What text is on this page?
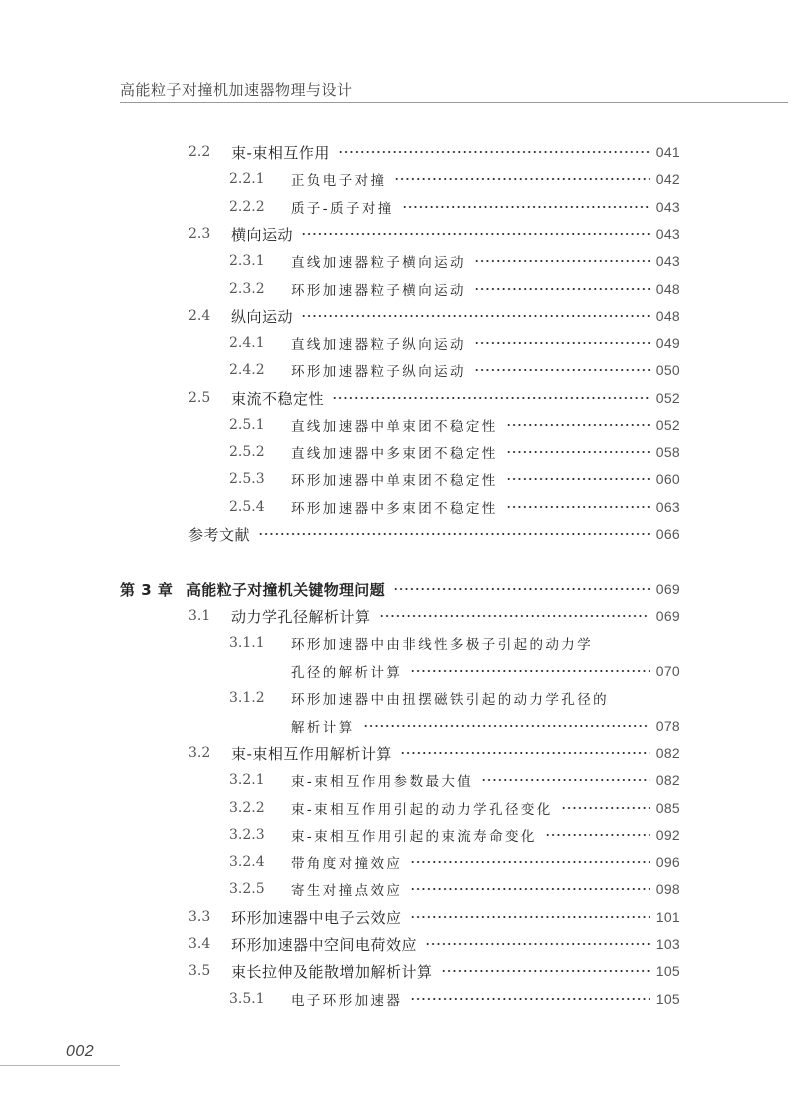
高能粒子对撞机加速器物理与设计
2.2	束-束相互作用	041
2.2.1	正负电子对撞	042
2.2.2	质子-质子对撞	043
2.3	横向运动	043
2.3.1	直线加速器粒子横向运动	043
2.3.2	环形加速器粒子横向运动	048
2.4	纵向运动	048
2.4.1	直线加速器粒子纵向运动	049
2.4.2	环形加速器粒子纵向运动	050
2.5	束流不稳定性	052
2.5.1	直线加速器中单束团不稳定性	052
2.5.2	直线加速器中多束团不稳定性	058
2.5.3	环形加速器中单束团不稳定性	060
2.5.4	环形加速器中多束团不稳定性	063
参考文献	066
第 3 章 高能粒子对撞机关键物理问题	069
3.1	动力学孔径解析计算	069
3.1.1	环形加速器中由非线性多极子引起的动力学
孔径的解析计算	070
3.1.2	环形加速器中由扭摆磁铁引起的动力学孔径的
解析计算	078
3.2	束-束相互作用解析计算	082
3.2.1	束-束相互作用参数最大值	082
3.2.2	束-束相互作用引起的动力学孔径变化	085
3.2.3	束-束相互作用引起的束流寿命变化	092
3.2.4	带角度对撞效应	096
3.2.5	寄生对撞点效应	098
3.3	环形加速器中电子云效应	101
3.4	环形加速器中空间电荷效应	103
3.5	束长拉伸及能散增加解析计算	105
3.5.1	电子环形加速器	105
002
